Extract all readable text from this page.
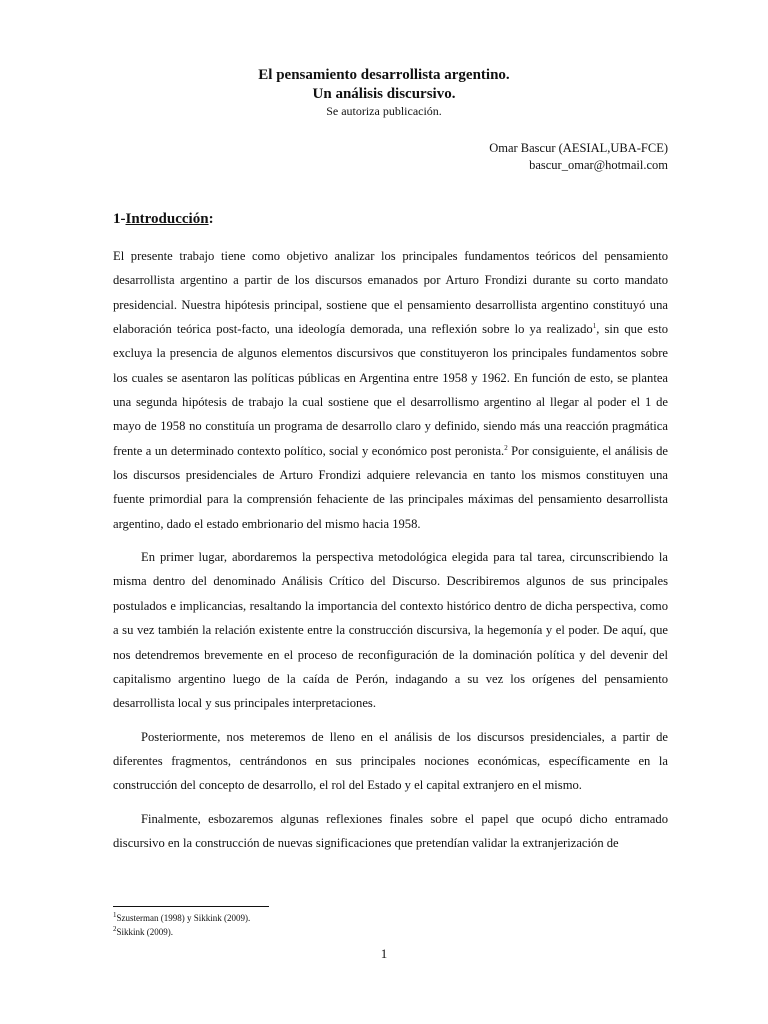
El pensamiento desarrollista argentino.
Un análisis discursivo.
Se autoriza publicación.
Omar Bascur (AESIAL,UBA-FCE)
bascur_omar@hotmail.com
1-Introducción:

El presente trabajo tiene como objetivo analizar los principales fundamentos teóricos del pensamiento desarrollista argentino a partir de los discursos emanados por Arturo Frondizi durante su corto mandato presidencial. Nuestra hipótesis principal, sostiene que el pensamiento desarrollista argentino constituyó una elaboración teórica post-facto, una ideología demorada, una reflexión sobre lo ya realizado$^1$, sin que esto excluya la presencia de algunos elementos discursivos que constituyeron los principales fundamentos sobre los cuales se asentaron las políticas públicas en Argentina entre 1958 y 1962. En función de esto, se plantea una segunda hipótesis de trabajo la cual sostiene que el desarrollismo argentino al llegar al poder el 1 de mayo de 1958 no constituía un programa de desarrollo claro y definido, siendo más una reacción pragmática frente a un determinado contexto político, social y económico post peronista.$^2$ Por consiguiente, el análisis de los discursos presidenciales de Arturo Frondizi adquiere relevancia en tanto los mismos constituyen una fuente primordial para la comprensión fehaciente de las principales máximas del pensamiento desarrollista argentino, dado el estado embrionario del mismo hacia 1958.

En primer lugar, abordaremos la perspectiva metodológica elegida para tal tarea, circunscribiendo la misma dentro del denominado Análisis Crítico del Discurso. Describiremos algunos de sus principales postulados e implicancias, resaltando la importancia del contexto histórico dentro de dicha perspectiva, como a su vez también la relación existente entre la construcción discursiva, la hegemonía y el poder. De aquí, que nos detendremos brevemente en el proceso de reconfiguración de la dominación política y del devenir del capitalismo argentino luego de la caída de Perón, indagando a su vez los orígenes del pensamiento desarrollista local y sus principales interpretaciones.

Posteriormente, nos meteremos de lleno en el análisis de los discursos presidenciales, a partir de diferentes fragmentos, centrándonos en sus principales nociones económicas, específicamente en la construcción del concepto de desarrollo, el rol del Estado y el capital extranjero en el mismo.

Finalmente, esbozaremos algunas reflexiones finales sobre el papel que ocupó dicho entramado discursivo en la construcción de nuevas significaciones que pretendían validar la extranjerización de

$^1$Szusterman (1998) y Sikkink (2009).
$^2$Sikkink (2009).
1
